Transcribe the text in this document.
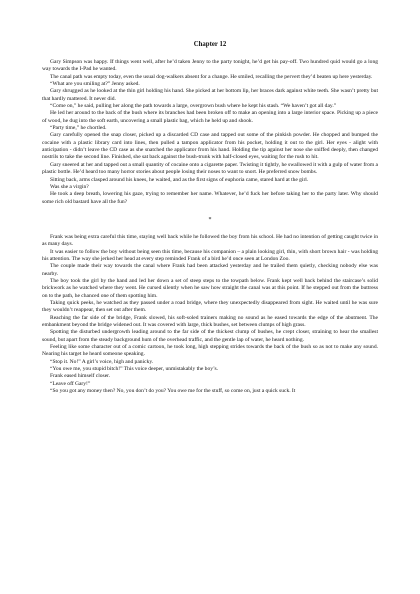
Chapter 12

Gary Simpson was happy. If things went well, after he’d taken Jenny to the party tonight, he’d get his pay-off. Two hundred quid would go a long way towards the I-Pad he wanted.

The canal path was empty today, even the usual dog-walkers absent for a change. He smiled, recalling the pervert they’d beaten up here yesterday.

“What are you smiling at?” Jenny asked.

Gary shrugged as he looked at the thin girl holding his hand. She picked at her bottom lip, her braces dark against white teeth. She wasn’t pretty but that hardly mattered. It never did.

“Come on,” he said, pulling her along the path towards a large, overgrown bush where he kept his stash. “We haven’t got all day.”

He led her around to the back of the bush where its branches had been broken off to make an opening into a large interior space. Picking up a piece of wood, he dug into the soft earth, uncovering a small plastic bag, which he held up and shook.

“Party time,” he chortled.

Gary carefully opened the snap closer, picked up a discarded CD case and tapped out some of the pinkish powder. He chopped and bumped the cocaine with a plastic library card into lines, then pulled a tampon applicator from his pocket, holding it out to the girl. Her eyes - alight with anticipation - didn’t leave the CD case as she snatched the applicator from his hand. Holding the tip against her nose she sniffed deeply, then changed nostrils to take the second line. Finished, she sat back against the bush-trunk with half-closed eyes, waiting for the rush to hit.

Gary sneered at her and tapped out a small quantity of cocaine onto a cigarette paper. Twisting it tightly, he swallowed it with a gulp of water from a plastic bottle. He’d heard too many horror stories about people losing their noses to want to snort. He preferred snow bombs.

Sitting back, arms clasped around his knees, he waited, and as the first signs of euphoria came, stared hard at the girl.

Was she a virgin?

He took a deep breath, lowering his gaze, trying to remember her name. Whatever, he’d fuck her before taking her to the party later. Why should some rich old bastard have all the fun?

*

Frank was being extra careful this time, staying well back while he followed the boy from his school. He had no intention of getting caught twice in as many days.

It was easier to follow the boy without being seen this time, because his companion – a plain looking girl, thin, with short brown hair - was holding his attention. The way she jerked her head at every step reminded Frank of a bird he’d once seen at London Zoo.

The couple made their way towards the canal where Frank had been attacked yesterday and he trailed them quietly, checking nobody else was nearby.

The boy took the girl by the hand and led her down a set of steep steps to the towpath below. Frank kept well back behind the staircase’s solid brickwork as he watched where they went. He cursed silently when he saw how straight the canal was at this point. If he stepped out from the buttress on to the path, he chanced one of them spotting him.

Taking quick peeks, he watched as they passed under a road bridge, where they unexpectedly disappeared from sight. He waited until he was sure they wouldn’t reappear, then set out after them.

Reaching the far side of the bridge, Frank slowed, his soft-soled trainers making no sound as he eased towards the edge of the abutment. The embankment beyond the bridge widened out. It was covered with large, thick bushes, set between clumps of high grass.

Spotting the disturbed undergrowth leading around to the far side of the thickest clump of bushes, he crept closer, straining to hear the smallest sound, but apart from the steady background hum of the overhead traffic, and the gentle lap of water, he heard nothing.

Feeling like some character out of a comic cartoon, he took long, high stepping strides towards the back of the bush so as not to make any sound. Nearing his target he heard someone speaking.

“Stop it. No!” A girl’s voice, high and panicky.

“You owe me, you stupid bitch!” This voice deeper, unmistakably the boy’s.

Frank eased himself closer.

“Leave off Gary!”

“So you got any money then? No, you don’t do you? You owe me for the stuff, so come on, just a quick suck. It
